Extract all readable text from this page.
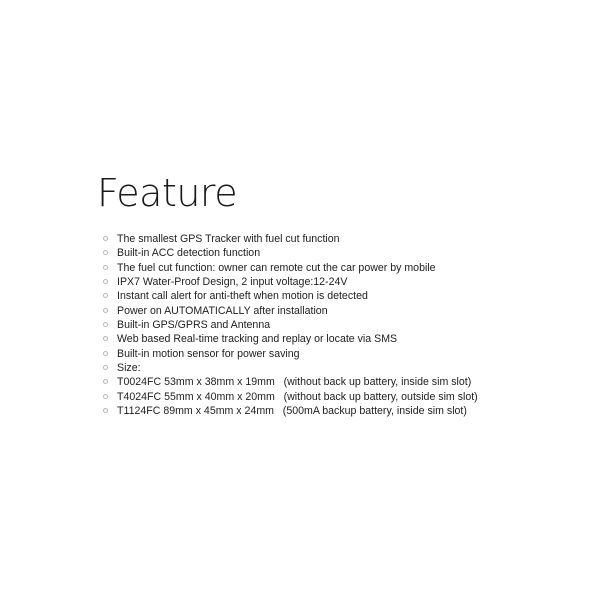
Feature
The smallest GPS Tracker with fuel cut function
Built-in ACC detection function
The fuel cut function: owner can remote cut the car power by mobile
IPX7 Water-Proof Design, 2 input voltage:12-24V
Instant call alert for anti-theft when motion is detected
Power on AUTOMATICALLY after installation
Built-in GPS/GPRS and Antenna
Web based Real-time tracking and replay or locate via SMS
Built-in motion sensor for power saving
Size:
T0024FC 53mm x 38mm x 19mm   (without back up battery, inside sim slot)
T4024FC 55mm x 40mm x 20mm   (without back up battery, outside sim slot)
T1124FC 89mm x 45mm x 24mm   (500mA backup battery, inside sim slot)
